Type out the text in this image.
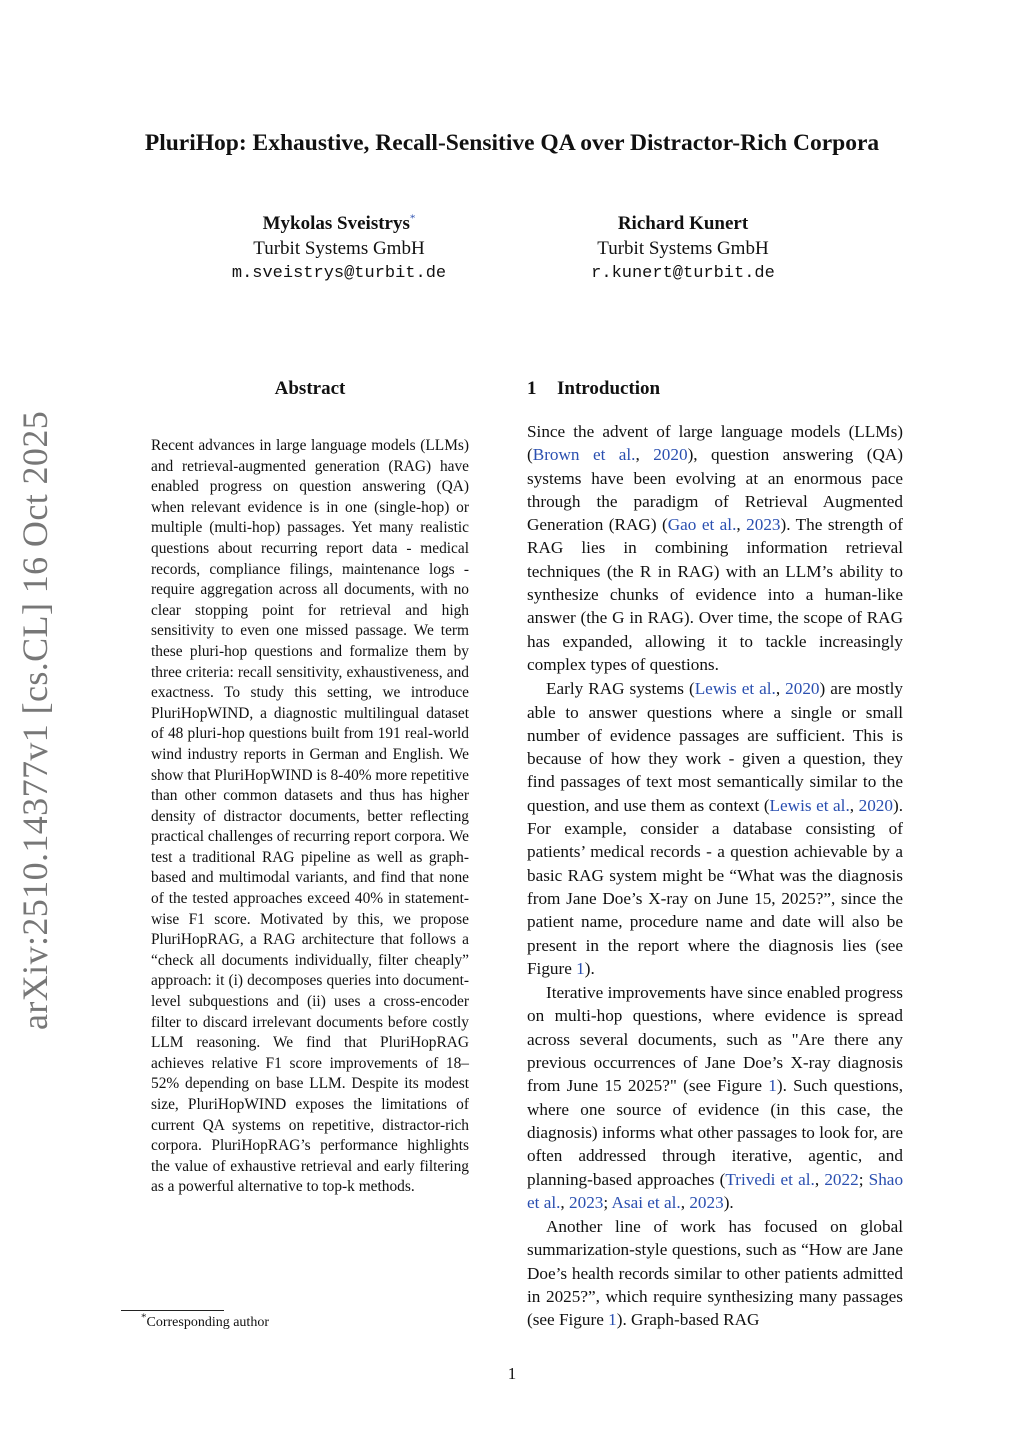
PluriHop: Exhaustive, Recall-Sensitive QA over Distractor-Rich Corpora
Mykolas Sveistrys*
Turbit Systems GmbH
m.sveistrys@turbit.de
Richard Kunert
Turbit Systems GmbH
r.kunert@turbit.de
arXiv:2510.14377v1 [cs.CL] 16 Oct 2025
Abstract

Recent advances in large language models (LLMs) and retrieval-augmented generation (RAG) have enabled progress on question answering (QA) when relevant evidence is in one (single-hop) or multiple (multi-hop) passages. Yet many realistic questions about recurring report data - medical records, compliance filings, maintenance logs - require aggregation across all documents, with no clear stopping point for retrieval and high sensitivity to even one missed passage. We term these pluri-hop questions and formalize them by three criteria: recall sensitivity, exhaustiveness, and exactness. To study this setting, we introduce PluriHopWIND, a diagnostic multilingual dataset of 48 pluri-hop questions built from 191 real-world wind industry reports in German and English. We show that PluriHopWIND is 8-40% more repetitive than other common datasets and thus has higher density of distractor documents, better reflecting practical challenges of recurring report corpora. We test a traditional RAG pipeline as well as graph-based and multimodal variants, and find that none of the tested approaches exceed 40% in statement-wise F1 score. Motivated by this, we propose PluriHopRAG, a RAG architecture that follows a “check all documents individually, filter cheaply” approach: it (i) decomposes queries into document-level subquestions and (ii) uses a cross-encoder filter to discard irrelevant documents before costly LLM reasoning. We find that PluriHopRAG achieves relative F1 score improvements of 18–52% depending on base LLM. Despite its modest size, PluriHopWIND exposes the limitations of current QA systems on repetitive, distractor-rich corpora. PluriHopRAG’s performance highlights the value of exhaustive retrieval and early filtering as a powerful alternative to top-k methods.

1 Introduction

Since the advent of large language models (LLMs) (Brown et al., 2020), question answering (QA) systems have been evolving at an enormous pace through the paradigm of Retrieval Augmented Generation (RAG) (Gao et al., 2023). The strength of RAG lies in combining information retrieval techniques (the R in RAG) with an LLM’s ability to synthesize chunks of evidence into a human-like answer (the G in RAG). Over time, the scope of RAG has expanded, allowing it to tackle increasingly complex types of questions.

Early RAG systems (Lewis et al., 2020) are mostly able to answer questions where a single or small number of evidence passages are sufficient. This is because of how they work - given a question, they find passages of text most semantically similar to the question, and use them as context (Lewis et al., 2020). For example, consider a database consisting of patients’ medical records - a question achievable by a basic RAG system might be “What was the diagnosis from Jane Doe’s X-ray on June 15, 2025?”, since the patient name, procedure name and date will also be present in the report where the diagnosis lies (see Figure 1).

Iterative improvements have since enabled progress on multi-hop questions, where evidence is spread across several documents, such as "Are there any previous occurrences of Jane Doe’s X-ray diagnosis from June 15 2025?" (see Figure 1). Such questions, where one source of evidence (in this case, the diagnosis) informs what other passages to look for, are often addressed through iterative, agentic, and planning-based approaches (Trivedi et al., 2022; Shao et al., 2023; Asai et al., 2023).

Another line of work has focused on global summarization-style questions, such as “How are Jane Doe’s health records similar to other patients admitted in 2025?”, which require synthesizing many passages (see Figure 1). Graph-based RAG

*Corresponding author
1
